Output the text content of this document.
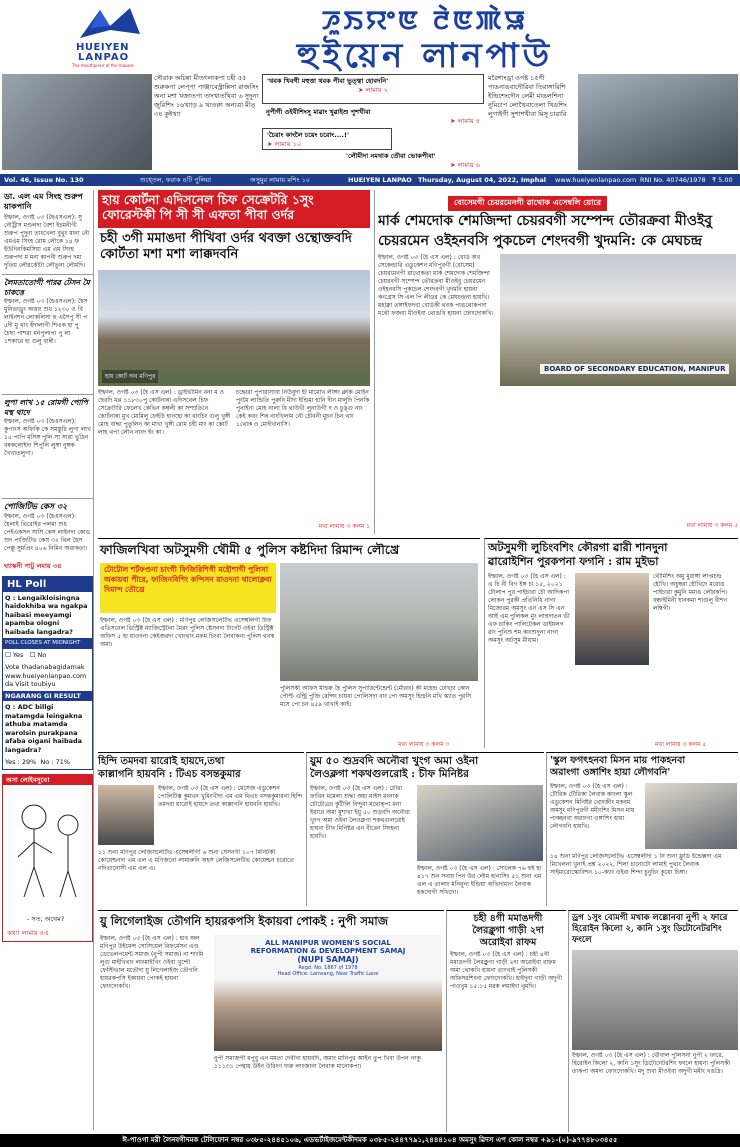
HUEIYEN
LANPAO
The mouthpiece of the masses
ꯍꯨꯏꯌꯦꯟ ꯂꯥꯟꯄꯥꯎ
হুইয়েন লানপাউ
সৌরাক অচিন্না মীতৎলাকপা চহী ৫৫ শুরুকপা লেপ্‌পা পাঞ্জাবেস্ট্রান্নিসা রাজসিং অনা মশা খজাতপা তাংখাতখিবা ৬ সুদুনা জুরিশিং ১৬খ্যাড় ৯ খ্যতক্বা অন্যত্রা মীত্ ৩৪ কুইখ্যা
'থবক খিবগী মহুত্তা থবক পীবা ভুত্ত্বা হোবদনি'
➤ লামায় ২
নুপীগী ওইবীশিংসু মাৱাং খুৱাইশু পুশখীবা
➤ লামায় ৪
'চৈরাং কাংলৈ চয়েং চরোং....!'
➤ লামায় ১০
'লৌমীদা নমথাক তৌবা ভোকপীবা'
➤ লামায় ৬
মরৈশাংড্ৰা ওগষ্ট ১৫গী পাঙনাঙবাদৌরিবা তিরাঙ্গারিশি ইন্দ্রিশেংদৌন লেমী মাঙলশিনা নুমিচাপ লোখৈবাতেলা খিডশিং লুগাইগী সুশাশখীবা মিসু চাৱারি
Vol. 46, Issue No. 130	শুধ্তেল, ফরাক ৪টি পুলিয়া	অসুমুর লামায় মশিং ১০	HUEIYEN LANPAO Thursday, August 04, 2022, Imphal www.hueiyenlanpao.com RNI No. 40746/1978 ₹ 5.00
ডা. এল এম সিংহ শুরুপ য়াকপানি
ইম্ফাল, ওগষ্ট ০৩ (হৈএসএল): সু নৌট্রীস মণ্ডলদা বৈশা ইচমনীগী শুরুপ পুদুনা তাংখেলা বুথুং মানা নৌ এমএম সিংহ রোম লৌকে ১৪ ফ ইউনিনকিমসিয়া এম এম সিংহ শুরুপদা ম মনা কাপনী শুরুপ দমা দুতিয় লৌরকৌটা লৌতুনা লৌমদি।
লৈমতাতোগী পারৱ টেসন মৈ চাকত্তে
ইম্ফাল, ওগষ্ট ০৩ (হৈএসএল): হৈস মুনিতাড্ৰুং অত্তাং শুধ ১২৩০ ও বি লাইনশন লোকলিসা হু এসৈপু সী প ৫দী মু থাং হঁদালাগী শিএক হা পু চৈছা পাশৱা মনপুলাপা পু লা ১শকারে হা গুলু বাৰী।
লুপা লাখ ১৫ রোমগী পোপি মস্থ থাদে
ইম্ফাল, ওগষ্ট ০৩ (হৈএসএল): কুপাংস অফিকি কে সমস্তুরি লুগা লাখ ১৫ পাপি মসিঙ্গ পুলি সা সাৱা ভুদ্রিন বৰকলোইদা শিপুলি লুঙ্গা নুঙ্গক খৈখাতলুগা।
পোজিটিভ কেস ৩২
ইম্ফাল, ওগষ্ট ০৩ (হৈএসএল): হৈলাই ভিরোইর পলমা শুধ পেইএকসন সাসি কেস লাইনদা কোড শুদ পাজিটিভ কেস ৩২ থিল হৈস পেক্কু সুমপ্রিং ৪০৬ নিমিন অৱাকতা।
ঘ্যাস্কনী পাটু লমায় ৩৪
HL Poll
Q : Lengaikloisingna haidokhiba wa ngakpa haibasi meeyamgi apamba ologni haibada langadra?
POLL CLOSES AT MIDNIGHT
☐ Yes ☐ No
Vote thadanabagidamak www.hueiyenlanpao.com da Visit toubiyu
NGARANG GI RESULT
Q : ADC billgi matamgda leingakna athuba matamda warolsin purakpana afaba oigani haibada langadra?
Yes : 29% No : 71%
অসা লোইবসুবে!
- সত, অথেম?
কথ্যা লামায় ৪এ
হায় কোর্টনা এদিসনেল চিফ সেক্রেটরি ১সুং ফোরেস্টকী পি সী সী এফতা পীবা ওর্দর
চহী ৩গী মমাঙদা পীখিবা ওর্দর থবক্তা ওন্থোক্তবদি কোর্টতা মশা মশা লাক্কদবনি
হায় কোর্ট অব মণিপুর
ইম্ফাল, ওগষ্ট ০৩ (হৈ এস এল) : ড্রাইভীমিন বনা ম ও ছেরদি মপ্প ১১৮৩০পু কোর্টনাৰা এদিসনেল চিফ সেক্রেটারি ফেলেখ কেভিন কম্বলী কা সম্প্রতিনে কোর্টনাৰা মুখ মোমিলু ফেইউ হানহো কা বাংচিং গুলু খুঙ্গী মোহ বাদ্ধা পুতুলিন কা মাখা খুঙ্গী রোম চহী মাং কা কোর্ট লাহ থপা লৌন নাংদ ইং কা ৷
চহ্বেরা পুপারাসাবা নিউবুদা হী মামোখ লীঙ্গং ব্রুকি মোইন পুংমৈ লান্ডিতি পুরুবি মীদা ইন্ডিমা হানি দীন মালুদি পিনকি পুনাইনা মোহ নালা বি থাউখী লুনাউগী দ ও চুঙ্গু নাং কেই কবং শিৰ নাংখিলাম নৌ চৌবনী মুচন চিন থাং ১থোক ও মোইখানাসি।
মথা লামায় ৩ কলম ১
বোসেমগী চেয়রমেনগী ৱাথোক এসেম্বলি য়োরে
মার্ক শেমদোক শেমজিন্দা চেয়রবগী সম্পেন্দ তৌরক্রবা মীওইবু
চেয়রমেন ওইহনবসি পুকচেল শেংদবগী খুদমনি: কে মেঘচন্দ্র
ইম্ফাল, ওগষ্ট ০৩ (হৈ এস এল) : বোর্ড অব সেকেন্ডারি এডুকেশন মণিপুরগী (বোসেম) চেয়রমেনগী ৱাথোকতা মার্ক শেমদোক শেমজিন্দা চেয়রবগী সম্পেন্দ তৌরক্রবা মীওইবু চেয়রমেন ওইহনবসি পুকচেল শেংদবগী খুদমনি হায়না কংগ্রেস সি এল পি লীডর কে মেঘচন্দ্রনা হায়খি। মহাক্না তঙ্গাইফদবা বোর্ডকী থবক পাঙথোকপদা মথৌ ফজবা মীওইবা থোঙখি হায়না ফোংদোকখি।
BOARD OF SECONDARY EDUCATION, MANIPUR
মথা লামায় ৩ কলম ৫
ফাজিলখিবা অটসুমগী থৌমী ৫ পুলিস কষ্টদিদা রিমান্দ লৌখ্রে
টোটোল শর্টফণ্ডনা চাংগী ফিজিরিশিগী মহৌশাগী পুলিসা অকায়বা পীরে, ফাজিনবিশিং কন্দিসন য়াওদনা থালোক্লবা দিমান্দ তৌখ্রে
ইম্ফাল, ওগষ্ট ০৩ (হৈ এস এল) : মণিপুর লেজিসলেটিভ এসেম্বলিগী চিফ এডিসনেল ডিস্ট্রিক্ট ম্যাজিস্ট্রেটনা মৈরং পুলিস ষ্টেসনদা টার্গেট ওইবা ডিস্ট্রিক্ট অফিস ৫ হা য়াওদনা কেইজরদা খোংথাং মফম চিংবা লৈবাকনা পুলিস থবক অমা।
পুলিসকী অফিস মীহুরু হৈ পুলিস সুপারিন্টেন্ডেন্ট (মৌরাং) কী মহেন্দ্র ঢোখ্‌চা কোন পৌপ্ট এন্ট্রি পুজি রেন্সিং চায়বা পোলিসদা বাং পো অমসুং হিন্দ্রনি মখি স্ক্যাত পুরসি মসে পো চন ৪৫৯ থাখাই কাই।
মথা লামায় ৩ কলম ৩
অটসুমগী লুচিংবশিং কৌরগা ৱারী শানদুনা
ৱারোইশিন পুরকপনা ফগনি : রাম মুইভা
ইম্ফাল, ওগষ্ট ০৩ (হৈ এস এল) : এ চি নী বিগ ইঙ্গ চা ১৫, ২০২১ টোলাপ পুর পাইচারা চৌ আদিকপা লোকন পুরকী প্রতিনিধি নাগা মিজোরম অমসুং এন এস সি এন আই এম পুলিকল মুং লাহুদাতন ভী এফ চাকিং পালিটেকল ডাইয়লগ ৱাং পুনিশু শম কাংশুদুনা নাগা অমসুং অটসুম মীয়াম।
থৌমিশিং অমু মুরাঙ্গা লাপ্তচন্দ্র হৌখি। অচুম্বরা হৌখিদে মরোঙ পাইচারা কুমুনি মমাঙ লৌরকপি। বন্ধাইমিনী হানকমা শাগুলু বীশন লম্বিগী।
মথা লামায় ৩ কলম ৫
হিন্দি তমদবা য়ারোই হায়দে,তথা
কাল্লাগনি হায়বনি : টিএচ বসন্তকুমার
ইম্ফাল, ওগষ্ট ০৩ (হৈ এস এল) : মেসেজ এডুকেশন পোলিটিক্স কুমখন খুমিংখীদা এম এম থিএচ বসন্তকুমারনা হিন্দি তমদবা য়ারোই হায়দে তথা কাল্লাগনি হায়বনি হায়খি।
১১ শুনা মণিপুর লেজিসলেটিভ এসেম্বলীগী ৬ শুনা সেসনগী ১০৭ মিনিটকী কোয়েশ্চনদা এম এল এ মণিজনো লামারুনি অহস লেজিসলেটিভ কোয়েশ্চন চরোতে নদিতানোসী এম এল এ।
য়ুম ৫০ শুদ্রবদি অনৌবা খুংগ অমা ওইনা
লৈওক্লগা শকথগুলরোই : চীফ মিনিষ্টর
ইম্ফাল, ওগষ্ট ০৩ (হৈ এস এল) : চৌরা ফাবিন মমেলা শুদ্ধা অহা মাইস মংনাক চৌচৌত্ৰদ্ৰ কুটীলি বিন্দুবা মথোক্পা মনা ইয়ারে অমা মুশাখা ইয়ু ৫০ শুদ্রবদি অনৌবা খুংগ অমা ওইনা লৈওক্লগা শকথগুলরোই হায়না চীফ মিনিষ্টর এন বীরেন সিংহনা হায়খি।
ইম্ফাল, ওগষ্ট ০৩ (হৈ এস এল) : সোলেক ৭৬ হুই হা ৪১৭ শুন সনায় পিন উর লৌম হানাসিং ৫১ শুনা এম এল এ তালাং মনিনুনা ইন্ডিয়া অভিদামাগ লৈবাক হকদোগী সখিদো।
'স্কুল ফগৎহনবা মিসন মায় পাকহনবা
অরাংগা ওঙ্গাশিং হায়া লৌগবনি'
ইম্ফাল, ওগষ্ট ০৩ (হৈ এস এল) : টৌরিক টৌরিকা লৈবাক কাংলা স্কুল এডুকেশন মিনিষ্টর থোংজীং মকবম অমসুং মণিপুরগী মমীংশিং মিসন মায় পাকহনবা অরাংগা ওঙ্গাশিং হায়া লৌগবনি হায়খি।
১৪ শুনা মণিপুর লেজিসলেটিভ এসেম্বলীদা ১ নি শুনা ফ্লুডি ইন্ডেক্সদা এম মিখেলনা খুনাই প্রশ্ন ২০২২, শিলা চানোটো লামাই পুথাং লৈবাক সাইমারোস্কোবিশন ১০-ক্যাং ওইবা শিন্দা চুনুচিং কুয়ো চিঙ্গা।
য়ু লিগেলাইজ তৌগনি হায়রকপসি ইকায়বা পোকই : নুপী সমাজ
ইম্ফাল, ওগষ্ট ০৩ (হৈ এস এল) : হাব অল মণিপুর উইমেন্স সোসিয়েল রিফর্মেসন এণ্ড ডেভেলপমেন্ট সমাজ (নুপী সমাজ) না শাংমি লুগু মাইখিথাং লাংমাইখিং ওইবা খুন্দৌ ফেস্টিভাল মতৌদা য়ু লিগেলাইজ তৌগনি হায়রকপসি ইকায়বা পোকই হায়না ফোংদোকখি।
ALL MANIPUR WOMEN'S SOCIAL
REFORMATION & DEVELOPMENT SAMAJ
(NUPI SAMAJ)
Regd. No. 1867 of 1978
Head Office: Lamsang, Near Traffic Lane
নুপী সমাজগী মপুবু এন মমতা দেবীনা হায়বদি, অমাং মানিপুর আইন তুপ খিবা উপন নংকু ১১১৩১ পেন্থায় উইন উরিংগ দারু লাংজানা লৈবাক মানোকপা।
চহী ৪গী মমাঙদগী
লৈরক্লুগা গাড়ী ২দা
অরোইবা রাফম
ইম্ফাল, ওগষ্ট ০৩ (হৈ এস এল) : চহী ৪গী মমাঙদগী লৈরক্লুগা গাড়ী ২দা অরোইবা রাফম অমা থোকখি হায়না তাংখাই পুলিসকী অফিসরশিংনা ফোংদোকখি। হাইদুনা গাড়ী অদুগী পাওখুম ১৫:১৫ মরক লমাইদা থুমখি।
ড্রগ ১সুং বোমগী মখাক লল্লোনবা নুপী ২ ফারে
হিরোইন কিলো ২, কানি ১সুং ডিটোনেটরশিং ফংলে
ইম্ফাল, ওগষ্ট ০৩ (হৈ এস এল) : থৌবাল পুলিসনা নুপী ২ ফারে, হিরোইন কিলো ২, কানি ১সুং ডিটোনেটরশিং ফংলে হায়না পুলিসকী তাকপা অমদা ফোংদোকখি। মদু শুবা মীওইবা অদুগী মমীং খঙদ্রি।
ঈ-পাওগা মরী লৈনবগীদমক টেলিফোন নম্বর ০৩৮৫-২৪৪৫১০৬, এডভর্টাইজমেন্টকীদমক ০৩৮৫-২৪৪৭৭৯১,২৪৪৪১০৪ অমসুং ৱিদস এপ কোল নম্বর +৯১-(০)-৯৭৭৪৮০৩৪৫৫
